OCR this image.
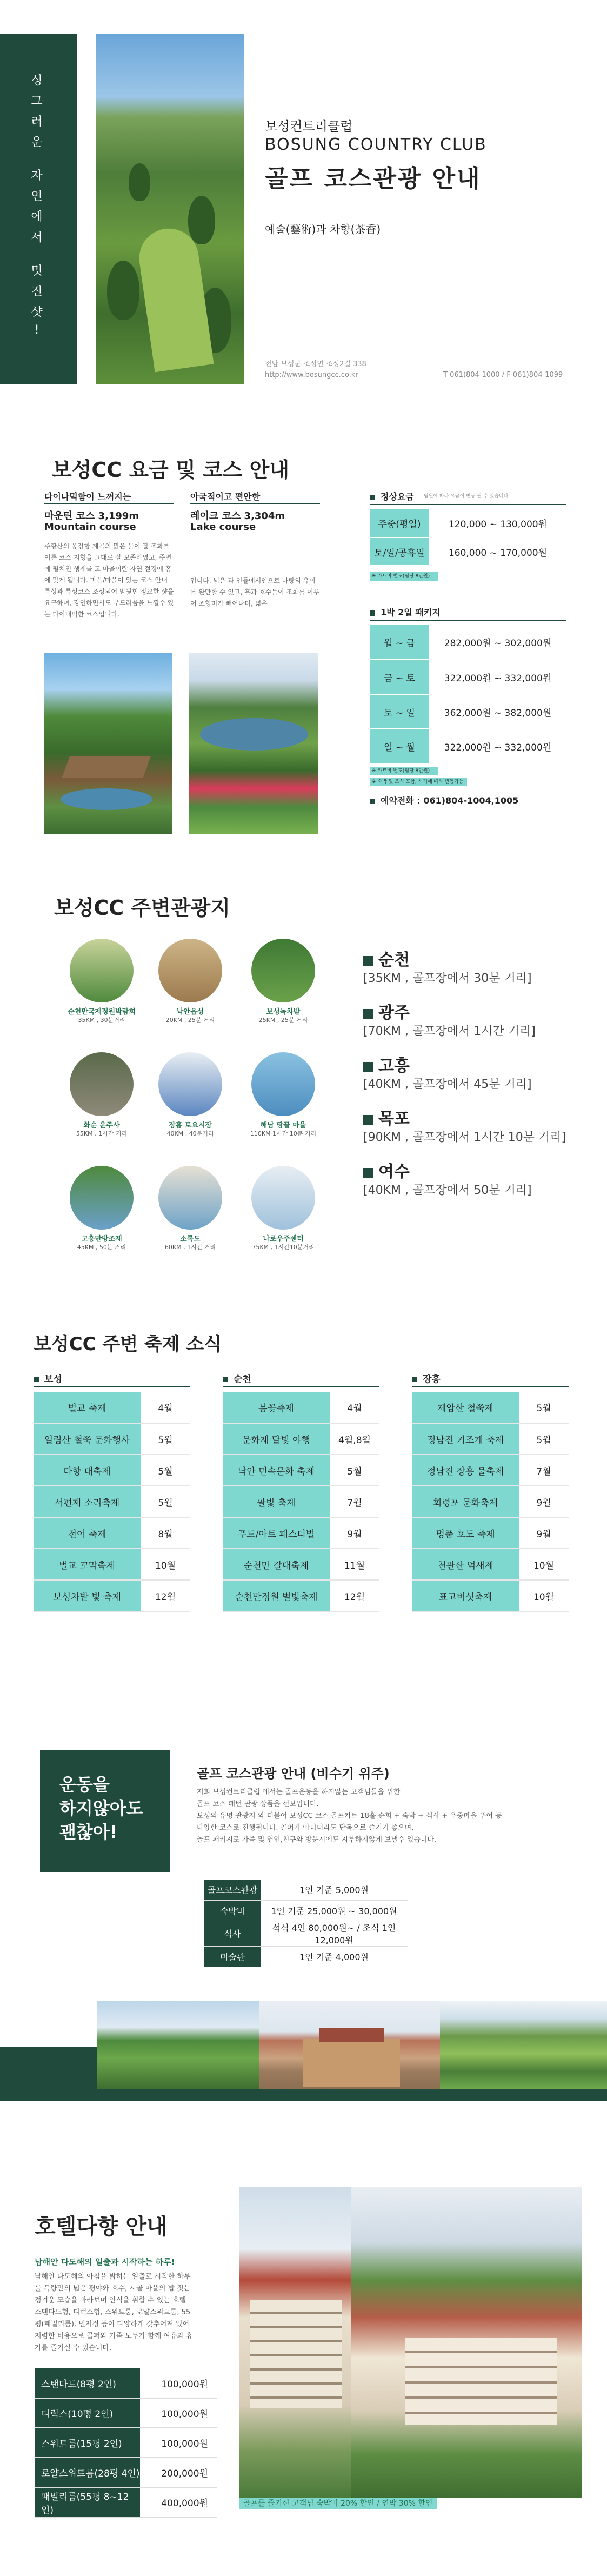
싱
그
러
운
자
연
에
서
멋
진
샷
!
보성컨트리클럽
BOSUNG COUNTRY CLUB
골프 코스관광 안내
예술(藝術)과 차향(茶香)
전남 보성군 조성면 조성2길 338
http://www.bosungcc.co.kr	T 061)804-1000 / F 061)804-1099
보성CC 요금 및 코스 안내
다이나믹함이 느껴지는
마운틴 코스 3,199m
Mountain course
주황산의 웅장함 계곡의 맑은 물이 잘 조화를 이룬 코스 지형을 그대로 잘 보존하였고, 주변에 펼쳐진 행재를 고 마을이란 자연 절경에 홈에 맞게 됩니다. 마을/마을이 있는 코스 안내 특성과 특성코스 조성되어 말뒷힌 정교한 샷을 요구하며, 강인하면서도 부드러움을 느낄수 있는 다이내믹한 코스입니다.
아국적이고 편안한
레이크 코스 3,304m
Lake course
입니다. 넓은 과 인들에서인으로 마탕의 유이를 완만할 수 있고, 홀과 호수들이 조화를 이루어 조형미가 빼어나며, 넓은
정상요금 팀원에 따라 요금이 변동 될 수 있습니다
주중(평일)	120,000 ~ 130,000원
토/일/공휴일	160,000 ~ 170,000원
※ 카트비 별도(팀당 8만원)
1박 2일 패키지
월 ~ 금	282,000원 ~ 302,000원
금 ~ 토	322,000원 ~ 332,000원
토 ~ 일	362,000원 ~ 382,000원
일 ~ 월	322,000원 ~ 332,000원
※ 카트비 별도(팀당 8만원)
※ 숙박 및 조식 포함, 시기에 따라 변동가능
예약전화 : 061)804-1004,1005
보성CC 주변관광지
순천만국제정원박람회
35KM , 30분거리
낙안읍성
20KM , 25분 거리
보성녹차밭
25KM , 25분 거리
화순 운주사
55KM , 1시간 거리
장흥 토요시장
40KM , 40분거리
해남 땅끝 마을
110KM 1시간 10분 거리
고흥만방조제
45KM , 50분 거리
소록도
60KM , 1시간 거리
나로우주센터
75KM , 1시간10분거리
순천
[35KM , 골프장에서 30분 거리]
광주
[70KM , 골프장에서 1시간 거리]
고흥
[40KM , 골프장에서 45분 거리]
목포
[90KM , 골프장에서 1시간 10분 거리]
여수
[40KM , 골프장에서 50분 거리]
보성CC 주변 축제 소식
보성
벌교 축제	4월
일림산 철쭉 문화행사	5월
다향 대축제	5월
서편제 소리축제	5월
전어 축제	8월
벌교 꼬막축제	10월
보성차밭 빛 축제	12월
순천
봄꽃축제	4월
문화재 달빛 야행	4월,8월
낙안 민속문화 축제	5월
팔빛 축제	7월
푸드/아트 페스티벌	9월
순천만 갈대축제	11월
순천만정원 별빛축제	12월
장흥
제암산 철쭉제	5월
정남진 키조개 축제	5월
정남진 장흥 물축제	7월
회령포 문화축제	9월
명품 호도 축제	9월
천관산 억새제	10월
표고버섯축제	10월
운동을
하지않아도
괜찮아!
골프 코스관광 안내 (비수기 위주)
저희 보성컨트리클럽 에서는 골프운동을 하지않는 고객님들을 위한
골프 코스 패턴 관광 상품을 선보입니다.
보성의 유명 관광지 와 더불어 보성CC 코스 골프카트 18홀 순회 + 숙박 + 식사 + 우중마을 푸어 등
다양한 코스로 진행됩니다. 골퍼가 아니더라도 단독으로 즐기기 좋으며,
골프 패키지로 가족 및 연인,친구와 방문시에도 지루하지않게 보낼수 있습니다.
골프코스관광	1인 기준 5,000원
숙박비	1인 기준 25,000원 ~ 30,000원
식사	석식 4인 80,000원~ / 조식 1인 12,000원
미술관	1인 기준 4,000원
호텔다향 안내
남해안 다도해의 일출과 시작하는 하루!
남해안 다도해의 아침을 밝히는 일출로 시작한 하루
를 득량만의 넓은 평야와 호수, 시골 마을의 밥 짓는
정겨운 모습을 바라보며 안식을 취할 수 있는 호텔
스탠다드형, 디럭스형, 스위트룸, 로얄스위트룸, 55
평(패밀리룸), 먼저정 등이 다양하게 갖추어져 있어
저렴한 비용으로 골퍼와 가족 모두가 함께 여유와 휴
가를 즐기실 수 있습니다.
스탠다드(8평 2인)	100,000원
디럭스(10평 2인)	100,000원
스위트룸(15평 2인)	100,000원
로얄스위트룸(28평 4인)	200,000원
패밀리룸(55평 8~12인)	400,000원	골프를 즐기신 고객님 숙박비 20% 할인 / 연박 30% 할인
